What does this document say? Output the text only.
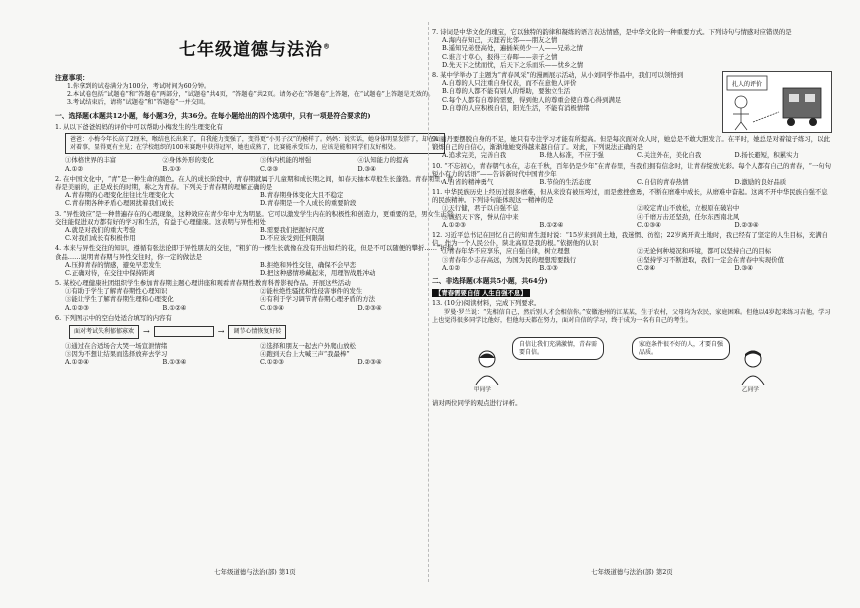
七年级道德与法治®
注意事项：
1.你拿到的试卷满分为100分，考试时间为60分钟。
2.本试卷包括“试题卷”和“答题卷”两部分，“试题卷”共4页，“答题卷”共2页。请务必在“答题卷”上答题，在“试题卷”上答题是无效的。
3.考试结束后，请将“试题卷”和“答题卷”一并交回。
一、选择题(本题共12小题，每小题3分，共36分。在每小题给出的四个选项中，只有一项是符合要求的)
1. 从以下爸爸妈妈的评价中可以帮助小梅发生的生理变化有
爸爸：小梅今年长高了2厘米，喉结也长出来了，自我能力变强了，变得更“小男子汉”的模样了。妈妈：说实话，她身体明显发胖了，却在面对着事，显得更有主见；在学校组织的100米赛跑中获得冠军，她也成熟了，比赛能承受压力，应该是能和同学们友好相处。
①体格世界的丰富	②身体外形的变化	③体内机能的增强	④认知能力的提高
A.①②	B.①③	C.②③	D.③④
2. 在中国文化中，“青”是一种生命的颜色。在人的成长阶段中，青春期就属于儿童期和成长期之间，如春天抽本草般生长蓬勃。青春期里，青春是美丽的，正是成长的时期，称之为青春。下列关于青春期的理解正确的是
A.青春期的心理变化往往比生理变化大	B.青春期身体变化大且不稳定
C.青春期各种矛盾心理困扰着我们成长	D.青春期是一个人成长的重要阶段
3. “异性效应”是一种普遍存在的心理现象，这种效应在青少年中尤为明显。它可以激发学生内在的积极性和创造力，更重要的是，男女生正常交往能促进双方都有好的学习和生活，有益于心理健康。这表明与异性相处
A.就是对我们的重大考验	B.需要我们把握好尺度
C.对我们成长有积极作用	D.不应该受到任何限制
4. 本来与异性交往的知识，遵循有张法论即于异性朋友的交往，“粗犷的一棵生长就像在没有开出如烂的花，但是不可以随便的攀折……”折扣食品……说明青春期与异性交往时，你一定的做法是
A.压抑青春的情感，避免早恋发生	B.拒绝和异性交往，确保不会早恋
C.正确对待，在交往中保持距离	D.把这种感情珍藏起来，用理智战胜冲动
5. 某校心理健康社团组织学生参加青春期主题心理讲座和观看青春期性教育科普影视作品。开展这些活动
①有助于学生了解青春期性心理知识	②能杜绝性骚扰和性侵害事件的发生
③能让学生了解青春期生理和心理变化	④有利于学习调节青春期心理矛盾的方法
A.①②③	B.①②④	C.①③④	D.②③④
6. 下列图示中的空白处适合填写的内容有
面对考试失利郁郁寡欢	→	→	调节心情恢复好转
①通过在合适场合大哭一场宣泄情绪	②选择和朋友一起去户外爬山放松
③因为不想让结果而选择放弃去学习	④跑到天台上大喊三声“我最棒”
A.①②④	B.①③④	C.①②③	D.②③④
七年级道德与法治(部) 第1页
7. 诗词是中华文化的瑰宝，它以独特的韵律和凝练的语言表达情感，是中华文化的一种重要方式。下列诗句与情感对应错误的是
A.海内存知己，天涯若比邻——朋友之情
B.遥知兄弟登高处，遍插茱萸少一人——兄弟之情
C.谁言寸草心，报得三春晖——亲子之情
D.先天下之忧而忧，后天下之乐而乐——忧乡之情
8. 某中学举办了主题为“青春风采”的漫画展示活动，从小刘同学作品中，我们可以领悟到
A.自尊的人只注重自身仪表，而不在意他人评价
B.自尊的人都不能有别人的帮助，要独立生活
C.每个人都有自尊的需要，得到他人的尊重会使自尊心得到满足
D.自尊的人应积极自信，阳光生活，不能有消极情绪
扎人的评价
9. 丽丹要摆脱自身的不足，她只有专注学习才能有所提高。但是每次面对众人时，她总是不敢大胆发言。在平时，她总是对着镜子练习，以此锻炼自己的自信心，渐渐地她变得越来越自信了。对此，下列说法正确的是
A.追求完美，完善自我	B.他人标准，不应于强	C.关注外在，美化自我	D.扬长避短，积累实力
10. “不忘初心，青春朝气永在，志在千秋，百年仍是少年”在青春里，当我们拥有信念时，让青春绽放光彩。每个人都有自己的青春，“一句句短小有力的话语”——告诉新时代中国青少年
A.自省的精神勇气	B.节俭的生活态度	C.自信的青春热情	D.激励的良好品质
11. 中华民族历史上经历过很多磨难，但从来没有被压垮过，而是愈挫愈勇，不断在磨难中成长，从磨难中奋起。这离不开中华民族自强不息的民族精神。下列诗句能体现这一精神的是
①天行健，君子以自强不息	②咬定青山不放松，立根原在破岩中
③诚招天下客，誉从信中来	④千磨万击还坚劲，任尔东西南北风
A.①②③	B.①②④	C.①③④	D.②③④
12. 习近平总书记在回忆自己的知青生涯时说：“15岁来到黄土地，我迷惘、彷徨；22岁离开黄土地时，我已经有了坚定的人生目标，充满自信。作为一个人民公仆，陕北高原是我的根。”依据他的认识
①青春年华不应享乐，应自强自律，树立理想	②无论何种境况和环境，都可以坚持自己的目标
③青春年少志存高远，为国为民的理想需要践行	④坚持学习不断进取，我们一定会在青春中实现价值
A.①②	B.①③	C.②④	D.③④
二、非选择题(本题共5小题，共64分)
【青春需要自信 人生自强不息】
13. (10分)阅读材料，完成下列要求。
罗曼·罗兰说：“先相信自己，然后别人才会相信你。”安徽池州的江某某，生于农村，父母均为农民，家庭困难。但他以4岁起来练习吉他，学习上也觉得很多同学比他好，但他每天都在努力，面对自信的学习，终于成为一名有自己的考生。
甲同学
自信让我们充满激情，青春需要自信。
家庭条件很不好的人，才要自强品质。
乙同学
请对两位同学的观点进行评析。
七年级道德与法治(部) 第2页
